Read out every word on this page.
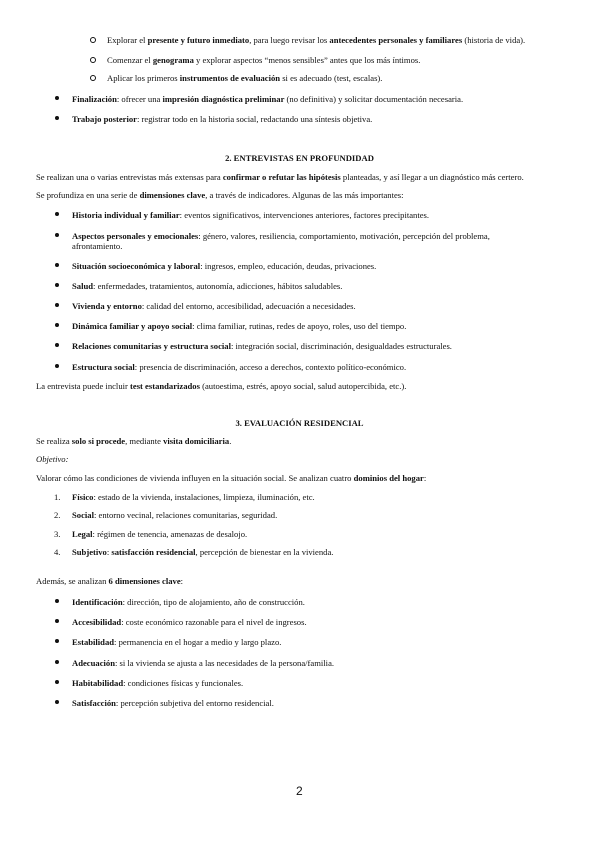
Explorar el presente y futuro inmediato, para luego revisar los antecedentes personales y familiares (historia de vida).
Comenzar el genograma y explorar aspectos “menos sensibles” antes que los más íntimos.
Aplicar los primeros instrumentos de evaluación si es adecuado (test, escalas).
Finalización: ofrecer una impresión diagnóstica preliminar (no definitiva) y solicitar documentación necesaria.
Trabajo posterior: registrar todo en la historia social, redactando una síntesis objetiva.
2. ENTREVISTAS EN PROFUNDIDAD
Se realizan una o varias entrevistas más extensas para confirmar o refutar las hipótesis planteadas, y así llegar a un diagnóstico más certero.
Se profundiza en una serie de dimensiones clave, a través de indicadores. Algunas de las más importantes:
Historia individual y familiar: eventos significativos, intervenciones anteriores, factores precipitantes.
Aspectos personales y emocionales: género, valores, resiliencia, comportamiento, motivación, percepción del problema,
afrontamiento.
Situación socioeconómica y laboral: ingresos, empleo, educación, deudas, privaciones.
Salud: enfermedades, tratamientos, autonomía, adicciones, hábitos saludables.
Vivienda y entorno: calidad del entorno, accesibilidad, adecuación a necesidades.
Dinámica familiar y apoyo social: clima familiar, rutinas, redes de apoyo, roles, uso del tiempo.
Relaciones comunitarias y estructura social: integración social, discriminación, desigualdades estructurales.
Estructura social: presencia de discriminación, acceso a derechos, contexto político-económico.
La entrevista puede incluir test estandarizados (autoestima, estrés, apoyo social, salud autopercibida, etc.).
3. EVALUACIÓN RESIDENCIAL
Se realiza solo si procede, mediante visita domiciliaria.
Objetivo:
Valorar cómo las condiciones de vivienda influyen en la situación social. Se analizan cuatro dominios del hogar:
1. Físico: estado de la vivienda, instalaciones, limpieza, iluminación, etc.
2. Social: entorno vecinal, relaciones comunitarias, seguridad.
3. Legal: régimen de tenencia, amenazas de desalojo.
4. Subjetivo: satisfacción residencial, percepción de bienestar en la vivienda.
Además, se analizan 6 dimensiones clave:
Identificación: dirección, tipo de alojamiento, año de construcción.
Accesibilidad: coste económico razonable para el nivel de ingresos.
Estabilidad: permanencia en el hogar a medio y largo plazo.
Adecuación: si la vivienda se ajusta a las necesidades de la persona/familia.
Habitabilidad: condiciones físicas y funcionales.
Satisfacción: percepción subjetiva del entorno residencial.
2
